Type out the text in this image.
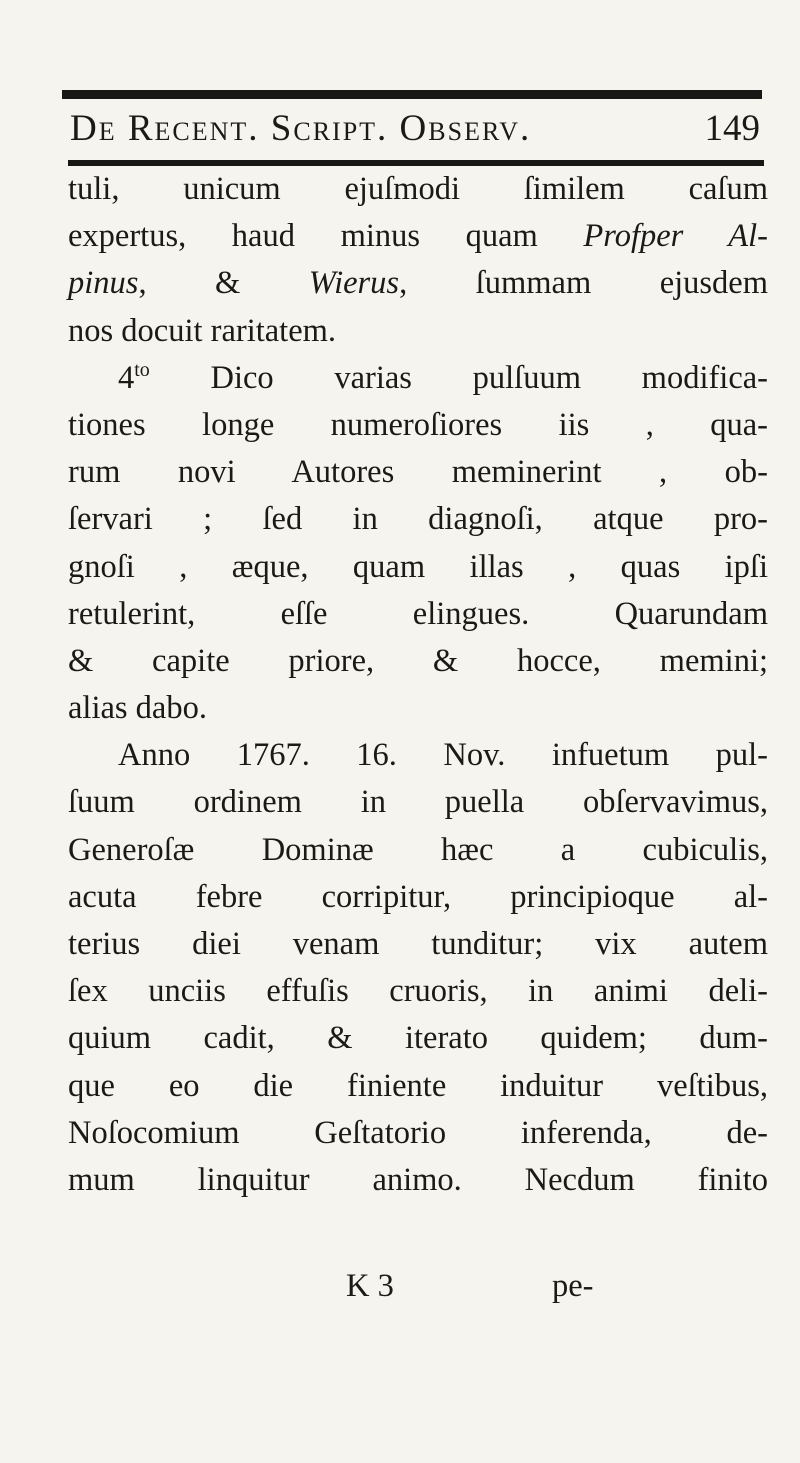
De Recent. Script. Observ.	149
tuli, unicum ejuſmodi ſimilem caſum
expertus, haud minus quam Profper Al-
pinus, & Wierus, ſummam ejusdem
nos docuit raritatem.
$4^{to}$ Dico varias pulſuum modifica-
tiones longe numeroſiores iis , qua-
rum novi Autores meminerint , ob-
ſervari ; ſed in diagnoſi, atque pro-
gnoſi , æque, quam illas , quas ipſi
retulerint, eſſe elingues. Quarundam
& capite priore, & hocce, memini;
alias dabo.
Anno 1767. 16. Nov. infuetum pul-
ſuum ordinem in puella obſervavimus,
Generoſæ Dominæ hæc a cubiculis,
acuta febre corripitur, principioque al-
terius diei venam tunditur; vix autem
ſex unciis effuſis cruoris, in animi deli-
quium cadit, & iterato quidem; dum-
que eo die finiente induitur veſtibus,
Noſocomium Geſtatorio inferenda, de-
mum linquitur animo. Necdum finito
K 3	pe-
